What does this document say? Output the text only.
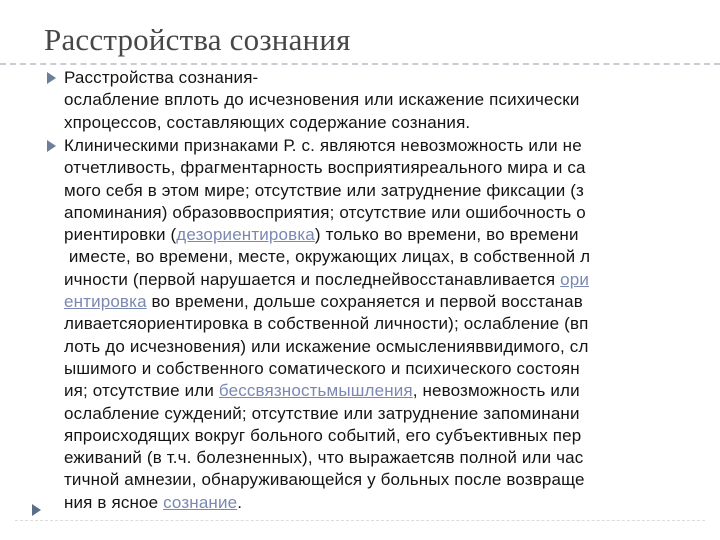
Расстройства сознания

Расстройства сознания-
ослабление вплоть до исчезновения или искажение психически
хпроцессов, составляющих содержание сознания.

Клиническими признаками Р. с. являются невозможность или не
отчетливость, фрагментарность восприятияреального мира и са
мого себя в этом мире; отсутствие или затруднение фиксации (з
апоминания) образоввосприятия; отсутствие или ошибочность о
риентировки (дезориентировка) только во времени, во времени
иместе, во времени, месте, окружающих лицах, в собственной л
ичности (первой нарушается и последнейвосстанавливается ори
ентировка во времени, дольше сохраняется и первой восстанав
ливаетсяориентировка в собственной личности); ослабление (вп
лоть до исчезновения) или искажение осмысленияввидимого, сл
ышимого и собственного соматического и психического состоян
ия; отсутствие или бессвязностьмышления, невозможность или
ослабление суждений; отсутствие или затруднение запоминани
япроисходящих вокруг больного событий, его субъективных пер
еживаний (в т.ч. болезненных), что выражаетсяв полной или час
тичной амнезии, обнаруживающейся у больных после возвраще
ния в ясное сознание.
